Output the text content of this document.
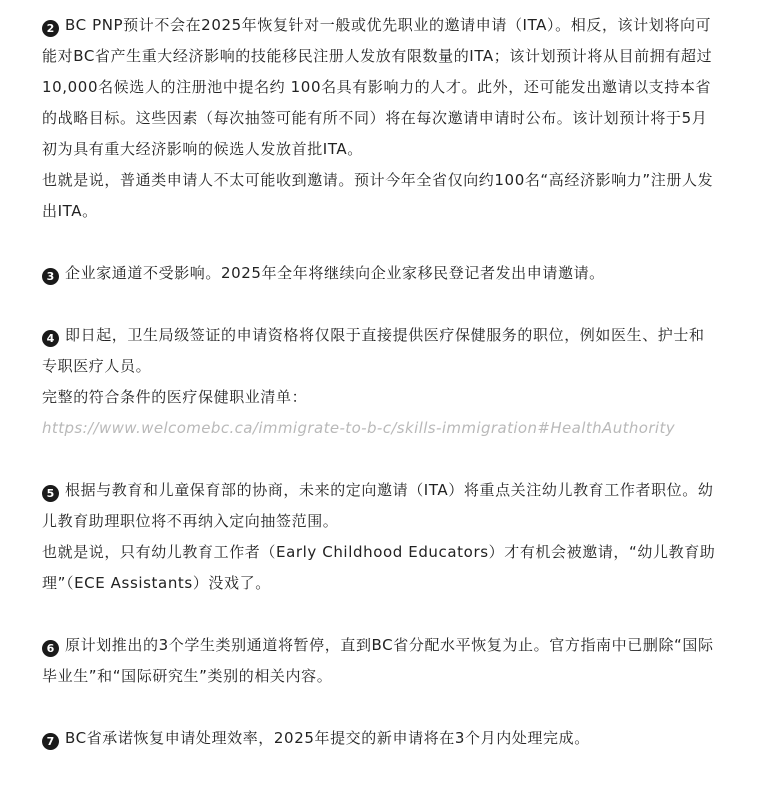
2 BC PNP预计不会在2025年恢复针对一般或优先职业的邀请申请（ITA）。相反，该计划将向可能对BC省产生重大经济影响的技能移民注册人发放有限数量的ITA；该计划预计将从目前拥有超过10,000名候选人的注册池中提名约 100名具有影响力的人才。此外，还可能发出邀请以支持本省的战略目标。这些因素（每次抽签可能有所不同）将在每次邀请申请时公布。该计划预计将于5月初为具有重大经济影响的候选人发放首批ITA。

也就是说，普通类申请人不太可能收到邀请。预计今年全省仅向约100名“高经济影响力”注册人发出ITA。

3 企业家通道不受影响。2025年全年将继续向企业家移民登记者发出申请邀请。

4 即日起，卫生局级签证的申请资格将仅限于直接提供医疗保健服务的职位，例如医生、护士和专职医疗人员。

完整的符合条件的医疗保健职业清单：

https://www.welcomebc.ca/immigrate-to-b-c/skills-immigration#HealthAuthority

5 根据与教育和儿童保育部的协商，未来的定向邀请（ITA）将重点关注幼儿教育工作者职位。幼儿教育助理职位将不再纳入定向抽签范围。

也就是说，只有幼儿教育工作者（Early Childhood Educators）才有机会被邀请，“幼儿教育助理”（ECE Assistants）没戏了。

6 原计划推出的3个学生类别通道将暂停，直到BC省分配水平恢复为止。官方指南中已删除“国际毕业生”和“国际研究生”类别的相关内容。

7 BC省承诺恢复申请处理效率，2025年提交的新申请将在3个月内处理完成。
